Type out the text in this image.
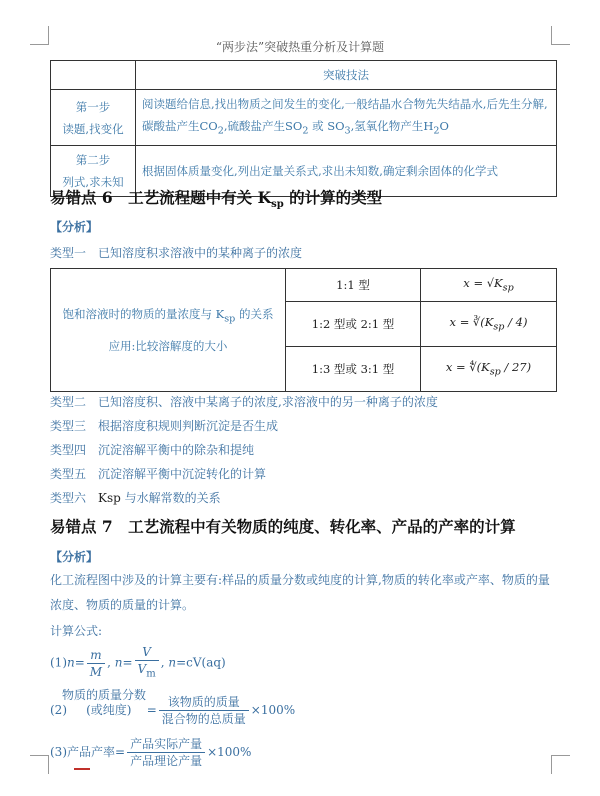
“两步法”突破热重分析及计算题
	突破技法

第一步
读题,找变化	阅读题给信息,找出物质之间发生的变化,一般结晶水合物先失结晶水,后先生分解,碳酸盐产生$CO_2$,硫酸盐产生$SO_2$ 或 $SO_3$,氢氧化物产生$H_2O$

第二步
列式,求未知	根据固体质量变化,列出定量关系式,求出未知数,确定剩余固体的化学式
易错点 6　工艺流程题中有关 $K_{sp}$ 的计算的类型
【分析】
类型一　已知溶度积求溶液中的某种离子的浓度
饱和溶液时的物质的量浓度与 $K_{sp}$ 的关系
应用:比较溶解度的大小	1:1 型	$x = √K_{sp}$
	1:2 型或 2:1 型	$x = ∛(K_{sp} / 4)$
	1:3 型或 3:1 型	$x = ∜(K_{sp} / 27)$
类型二　已知溶度积、溶液中某离子的浓度,求溶液中的另一种离子的浓度
类型三　根据溶度积规则判断沉淀是否生成
类型四　沉淀溶解平衡中的除杂和提纯
类型五　沉淀溶解平衡中沉淀转化的计算
类型六　Ksp 与水解常数的关系
易错点 7　工艺流程中有关物质的纯度、转化率、产品的产率的计算
【分析】
化工流程图中涉及的计算主要有:样品的质量分数或纯度的计算,物质的转化率或产率、物质的量浓度、物质的质量的计算。
计算公式:
$(1)n= \frac{m}{M}$ , $n= \frac{V}{V_m}$ , n=cV(aq)
物质的质量分数
(2) (或纯度) = $\frac{\text{该物质的质量}}{\text{混合物的总质量}} \times 100\%$
(3)产品产率= $\frac{\text{产品实际产量}}{\text{产品理论产量}} \times 100\%$
